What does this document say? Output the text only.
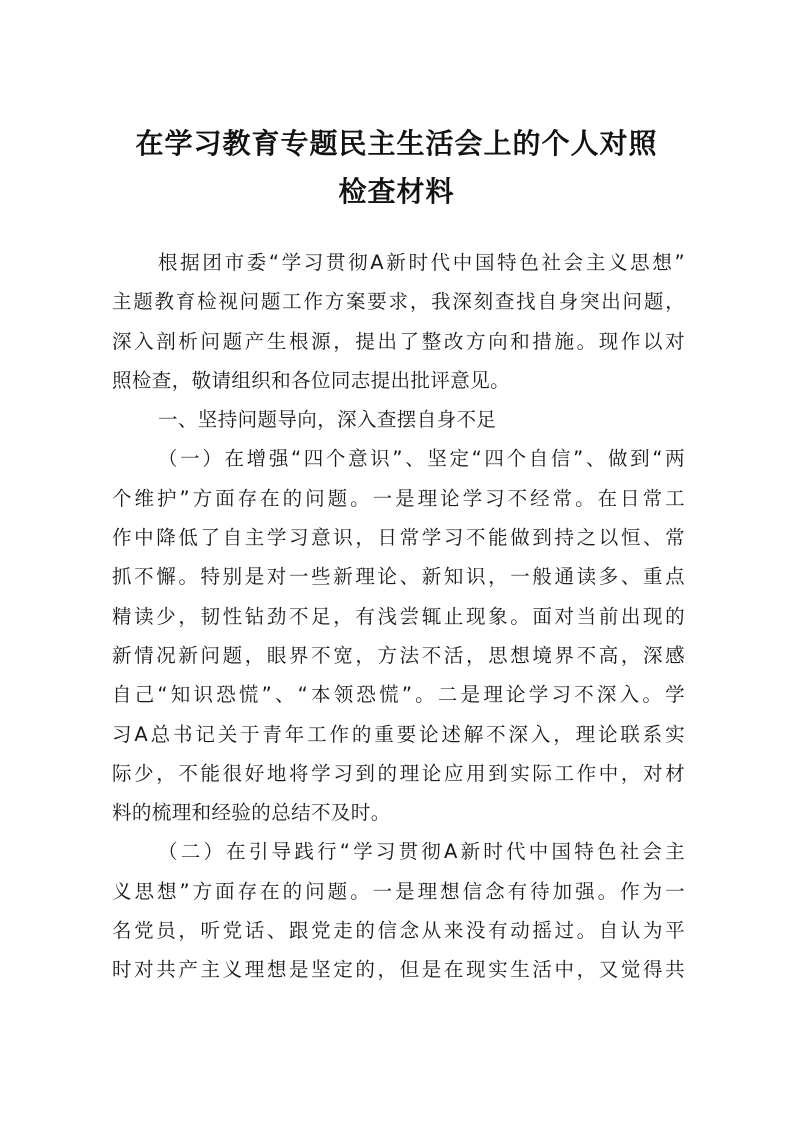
在学习教育专题民主生活会上的个人对照
检查材料
根据团市委“学习贯彻A新时代中国特色社会主义思想”
主题教育检视问题工作方案要求，我深刻查找自身突出问题，
深入剖析问题产生根源，提出了整改方向和措施。现作以对
照检查，敬请组织和各位同志提出批评意见。
一、坚持问题导向，深入查摆自身不足
（一）在增强“四个意识”、坚定“四个自信”、做到“两
个维护”方面存在的问题。一是理论学习不经常。在日常工
作中降低了自主学习意识，日常学习不能做到持之以恒、常
抓不懈。特别是对一些新理论、新知识，一般通读多、重点
精读少，韧性钻劲不足，有浅尝辄止现象。面对当前出现的
新情况新问题，眼界不宽，方法不活，思想境界不高，深感
自己“知识恐慌”、“本领恐慌”。二是理论学习不深入。学
习A总书记关于青年工作的重要论述解不深入，理论联系实
际少，不能很好地将学习到的理论应用到实际工作中，对材
料的梳理和经验的总结不及时。
（二）在引导践行“学习贯彻A新时代中国特色社会主
义思想”方面存在的问题。一是理想信念有待加强。作为一
名党员，听党话、跟党走的信念从来没有动摇过。自认为平
时对共产主义理想是坚定的，但是在现实生活中，又觉得共
